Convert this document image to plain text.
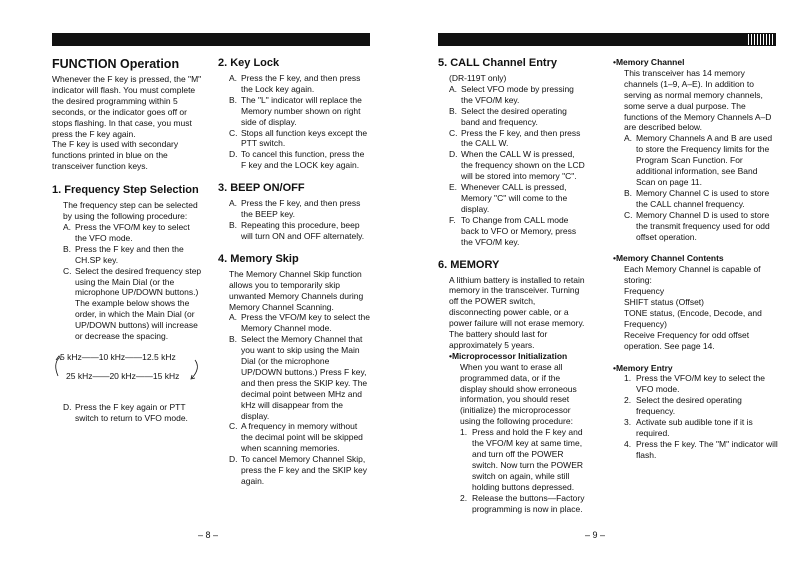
FUNCTION Operation

Whenever the F key is pressed, the "M" indicator will flash. You must complete the desired programming within 5 seconds, or the indicator goes off or stops flashing. In that case, you must press the F key again.

The F key is used with secondary functions printed in blue on the transceiver function keys.

1. Frequency Step Selection

The frequency step can be selected by using the following procedure:

A. Press the VFO/M key to select the VFO mode.
B. Press the F key and then the CH.SP key.
C. Select the desired frequency step using the Main Dial (or the microphone UP/DOWN buttons.) The example below shows the order, in which the Main Dial (or UP/DOWN buttons) will increase or decrease the spacing.
5 kHz——10 kHz——12.5 kHz
25 kHz——20 kHz——15 kHz
D. Press the F key again or PTT switch to return to VFO mode.
2. Key Lock
A. Press the F key, and then press the Lock key again.
B. The "L" indicator will replace the Memory number shown on right side of display.
C. Stops all function keys except the PTT switch.
D. To cancel this function, press the F key and the LOCK key again.
3. BEEP ON/OFF
A. Press the F key, and then press the BEEP key.
B. Repeating this procedure, beep will turn ON and OFF alternately.
4. Memory Skip

The Memory Channel Skip function allows you to temporarily skip unwanted Memory Channels during Memory Channel Scanning.

A. Press the VFO/M key to select the Memory Channel mode.
B. Select the Memory Channel that you want to skip using the Main Dial (or the microphone UP/DOWN buttons.) Press F key, and then press the SKIP key. The decimal point between MHz and kHz will disappear from the display.
C. A frequency in memory without the decimal point will be skipped when scanning memories.
D. To cancel Memory Channel Skip, press the F key and the SKIP key again.
5. CALL Channel Entry

(DR-119T only)

A. Select VFO mode by pressing the VFO/M key.
B. Select the desired operating band and frequency.
C. Press the F key, and then press the CALL W.
D. When the CALL W is pressed, the frequency shown on the LCD will be stored into memory "C".
E. Whenever CALL is pressed, Memory "C" will come to the display.
F. To Change from CALL mode back to VFO or Memory, press the VFO/M key.
6. MEMORY

A lithium battery is installed to retain memory in the transceiver. Turning off the POWER switch, disconnecting power cable, or a power failure will not erase memory. The battery should last for approximately 5 years.

•Microprocessor Initialization

When you want to erase all programmed data, or if the display should show erroneous information, you should reset (initialize) the microprocessor using the following procedure:

1. Press and hold the F key and the VFO/M key at same time, and turn off the POWER switch. Now turn the POWER switch on again, while still holding buttons depressed.
2. Release the buttons—Factory programming is now in place.
•Memory Channel

This transceiver has 14 memory channels (1–9, A–E). In addition to serving as normal memory channels, some serve a dual purpose. The functions of the Memory Channels A–D are described below.

A. Memory Channels A and B are used to store the Frequency limits for the Program Scan Function. For additional information, see Band Scan on page 11.
B. Memory Channel C is used to store the CALL channel frequency.
C. Memory Channel D is used to store the transmit frequency used for odd offset operation.
•Memory Channel Contents

Each Memory Channel is capable of storing:

Frequency

SHIFT status (Offset)

TONE status, (Encode, Decode, and Frequency)

Receive Frequency for odd offset operation. See page 14.

•Memory Entry
1. Press the VFO/M key to select the VFO mode.
2. Select the desired operating frequency.
3. Activate sub audible tone if it is required.
4. Press the F key. The "M" indicator will flash.
– 8 –	– 9 –
